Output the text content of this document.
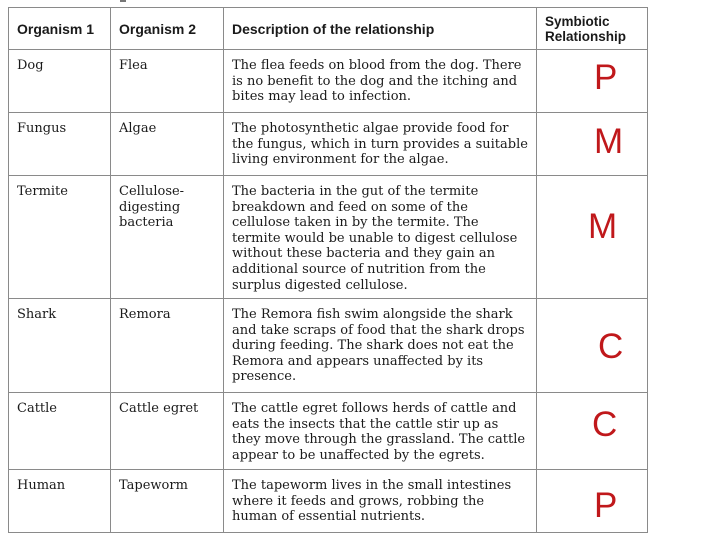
Organism 1	Organism 2	Description of the relationship	Symbiotic Relationship
Dog	Flea	The flea feeds on blood from the dog. There is no benefit to the dog and the itching and bites may lead to infection.	P

Fungus	Algae	The photosynthetic algae provide food for the fungus, which in turn provides a suitable living environment for the algae.	M

Termite	Cellulose-digesting bacteria	The bacteria in the gut of the termite breakdown and feed on some of the cellulose taken in by the termite. The termite would be unable to digest cellulose without these bacteria and they gain an additional source of nutrition from the surplus digested cellulose.	M

Shark	Remora	The Remora fish swim alongside the shark and take scraps of food that the shark drops during feeding. The shark does not eat the Remora and appears unaffected by its presence.	C

Cattle	Cattle egret	The cattle egret follows herds of cattle and eats the insects that the cattle stir up as they move through the grassland. The cattle appear to be unaffected by the egrets.	C

Human	Tapeworm	The tapeworm lives in the small intestines where it feeds and grows, robbing the human of essential nutrients.	P
